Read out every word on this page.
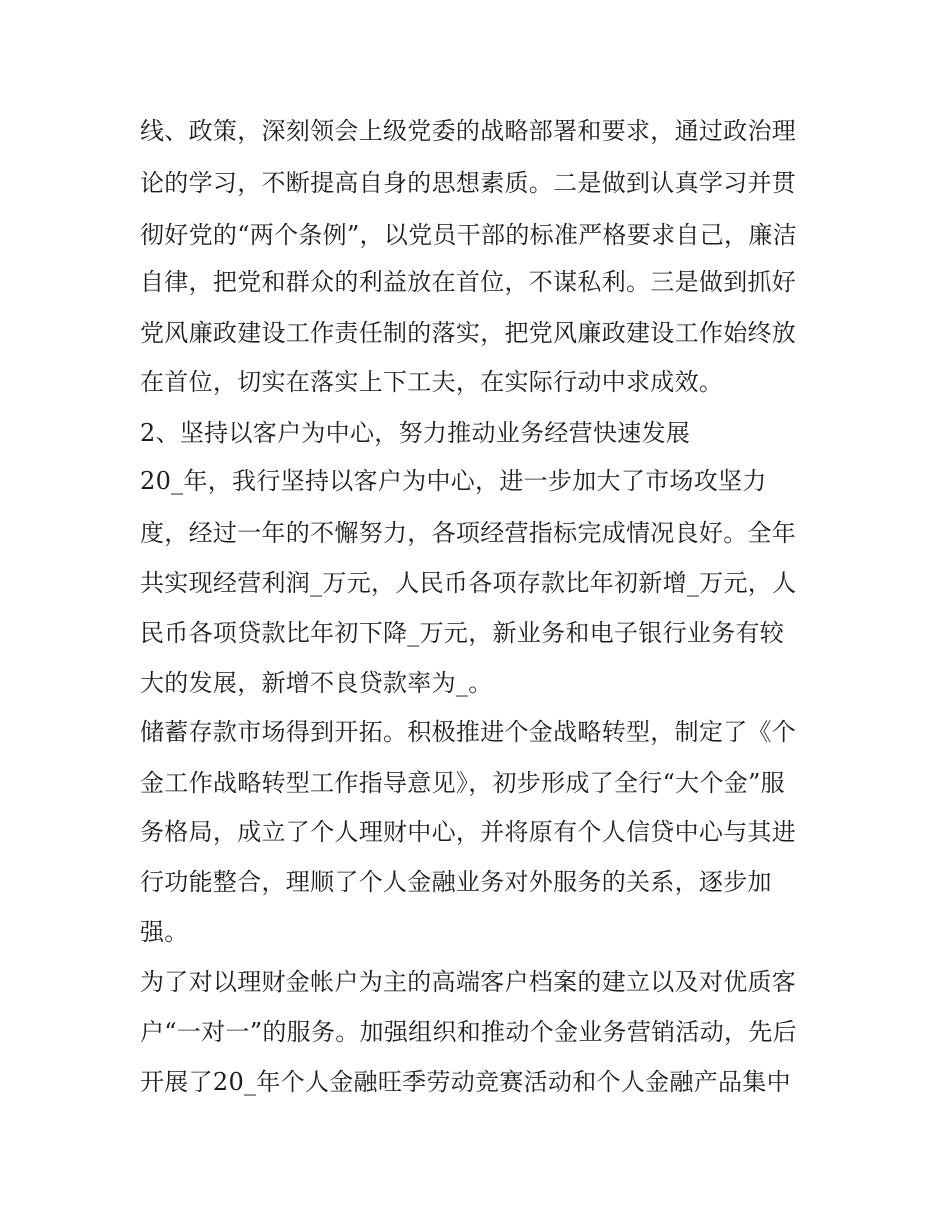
线、政策，深刻领会上级党委的战略部署和要求，通过政治理
论的学习，不断提高自身的思想素质。二是做到认真学习并贯
彻好党的“两个条例”，以党员干部的标准严格要求自己，廉洁
自律，把党和群众的利益放在首位，不谋私利。三是做到抓好
党风廉政建设工作责任制的落实，把党风廉政建设工作始终放
在首位，切实在落实上下工夫，在实际行动中求成效。
2、坚持以客户为中心，努力推动业务经营快速发展
20_年，我行坚持以客户为中心，进一步加大了市场攻坚力
度，经过一年的不懈努力，各项经营指标完成情况良好。全年
共实现经营利润_万元，人民币各项存款比年初新增_万元，人
民币各项贷款比年初下降_万元，新业务和电子银行业务有较
大的发展，新增不良贷款率为_。
储蓄存款市场得到开拓。积极推进个金战略转型，制定了《个
金工作战略转型工作指导意见》，初步形成了全行“大个金”服
务格局，成立了个人理财中心，并将原有个人信贷中心与其进
行功能整合，理顺了个人金融业务对外服务的关系，逐步加
强。
为了对以理财金帐户为主的高端客户档案的建立以及对优质客
户“一对一”的服务。加强组织和推动个金业务营销活动，先后
开展了20_年个人金融旺季劳动竞赛活动和个人金融产品集中
